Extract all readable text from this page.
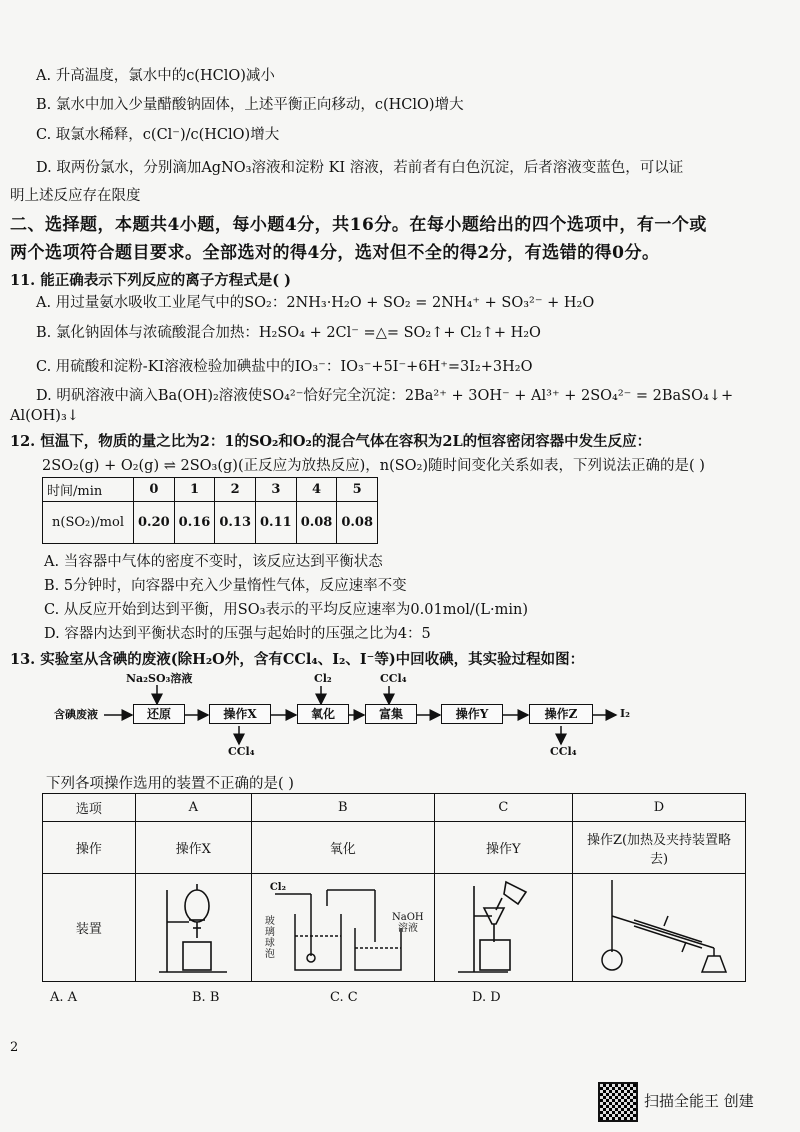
A. 升高温度，氯水中的c(HClO)减小
B. 氯水中加入少量醋酸钠固体，上述平衡正向移动，c(HClO)增大
C. 取氯水稀释，c(Cl⁻)/c(HClO)增大
D. 取两份氯水，分别滴加AgNO₃溶液和淀粉 KI 溶液，若前者有白色沉淀，后者溶液变蓝色，可以证
明上述反应存在限度
二、选择题，本题共4小题，每小题4分，共16分。在每小题给出的四个选项中，有一个或
两个选项符合题目要求。全部选对的得4分，选对但不全的得2分，有选错的得0分。
11. 能正确表示下列反应的离子方程式是( )
A. 用过量氨水吸收工业尾气中的SO₂：2NH₃·H₂O + SO₂ = 2NH₄⁺ + SO₃²⁻ + H₂O
B. 氯化钠固体与浓硫酸混合加热：H₂SO₄ + 2Cl⁻ =△= SO₂↑+ Cl₂↑+ H₂O
C. 用硫酸和淀粉-KI溶液检验加碘盐中的IO₃⁻：IO₃⁻+5I⁻+6H⁺=3I₂+3H₂O
D. 明矾溶液中滴入Ba(OH)₂溶液使SO₄²⁻恰好完全沉淀：2Ba²⁺ + 3OH⁻ + Al³⁺ + 2SO₄²⁻ = 2BaSO₄↓+
Al(OH)₃↓
12. 恒温下，物质的量之比为2：1的SO₂和O₂的混合气体在容积为2L的恒容密闭容器中发生反应：
2SO₂(g) + O₂(g) ⇌ 2SO₃(g)(正反应为放热反应)，n(SO₂)随时间变化关系如表，下列说法正确的是( )
时间/min	0	1	2	3	4	5
n(SO₂)/mol	0.20	0.16	0.13	0.11	0.08	0.08
A. 当容器中气体的密度不变时，该反应达到平衡状态
B. 5分钟时，向容器中充入少量惰性气体，反应速率不变
C. 从反应开始到达到平衡，用SO₃表示的平均反应速率为0.01mol/(L·min)
D. 容器内达到平衡状态时的压强与起始时的压强之比为4：5
13. 实验室从含碘的废液(除H₂O外，含有CCl₄、I₂、I⁻等)中回收碘，其实验过程如图：
含碘废液	还原	操作X	氧化	富集	操作Y	操作Z	I₂
Na₂SO₃溶液	Cl₂	CCl₄
CCl₄	CCl₄
下列各项操作选用的装置不正确的是( )
选项	A	B	C	D
操作	操作X	氧化	操作Y	操作Z(加热及夹持装置略去)
装置		Cl₂
玻璃球泡
NaOH溶液

A. A	B. B	C. C	D. D
2
扫描全能王 创建
